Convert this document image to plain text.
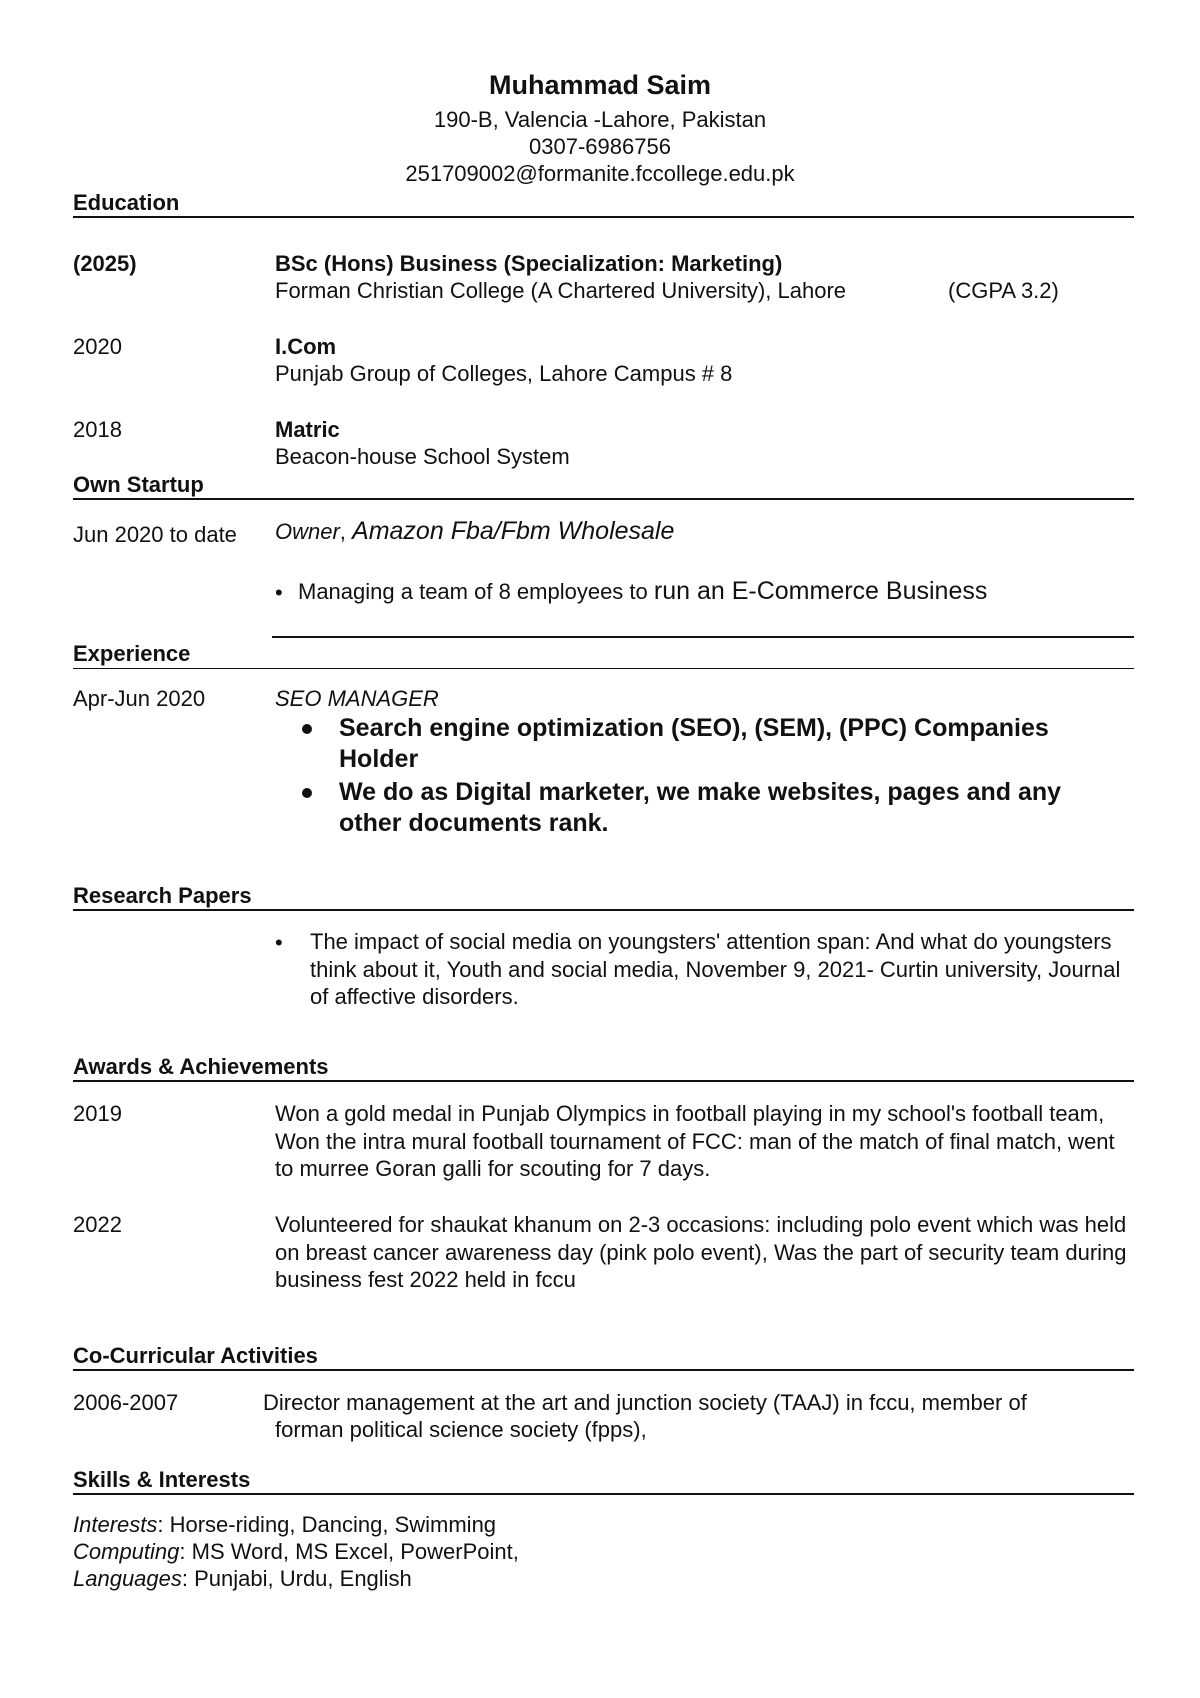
Muhammad Saim
190-B, Valencia -Lahore, Pakistan
0307-6986756
251709002@formanite.fccollege.edu.pk
Education
(2025)	BSc (Hons) Business (Specialization: Marketing)
Forman Christian College (A Chartered University), Lahore	(CGPA 3.2)
2020	I.Com
Punjab Group of Colleges, Lahore Campus # 8
2018	Matric
Beacon-house School System
Own Startup
Jun 2020 to date Owner, Amazon Fba/Fbm Wholesale
• Managing a team of 8 employees to run an E-Commerce Business
Experience
Apr-Jun 2020	SEO MANAGER
Search engine optimization (SEO), (SEM), (PPC) Companies Holder
We do as Digital marketer, we make websites, pages and any other documents rank.
Research Papers
• The impact of social media on youngsters' attention span: And what do youngsters think about it, Youth and social media, November 9, 2021- Curtin university, Journal of affective disorders.
Awards & Achievements
2019	Won a gold medal in Punjab Olympics in football playing in my school's football team, Won the intra mural football tournament of FCC: man of the match of final match, went to murree Goran galli for scouting for 7 days.
2022	Volunteered for shaukat khanum on 2-3 occasions: including polo event which was held on breast cancer awareness day (pink polo event), Was the part of security team during business fest 2022 held in fccu
Co-Curricular Activities
2006-2007	Director management at the art and junction society (TAAJ) in fccu, member of
forman political science society (fpps),
Skills & Interests
Interests: Horse-riding, Dancing, Swimming
Computing: MS Word, MS Excel, PowerPoint,
Languages: Punjabi, Urdu, English
